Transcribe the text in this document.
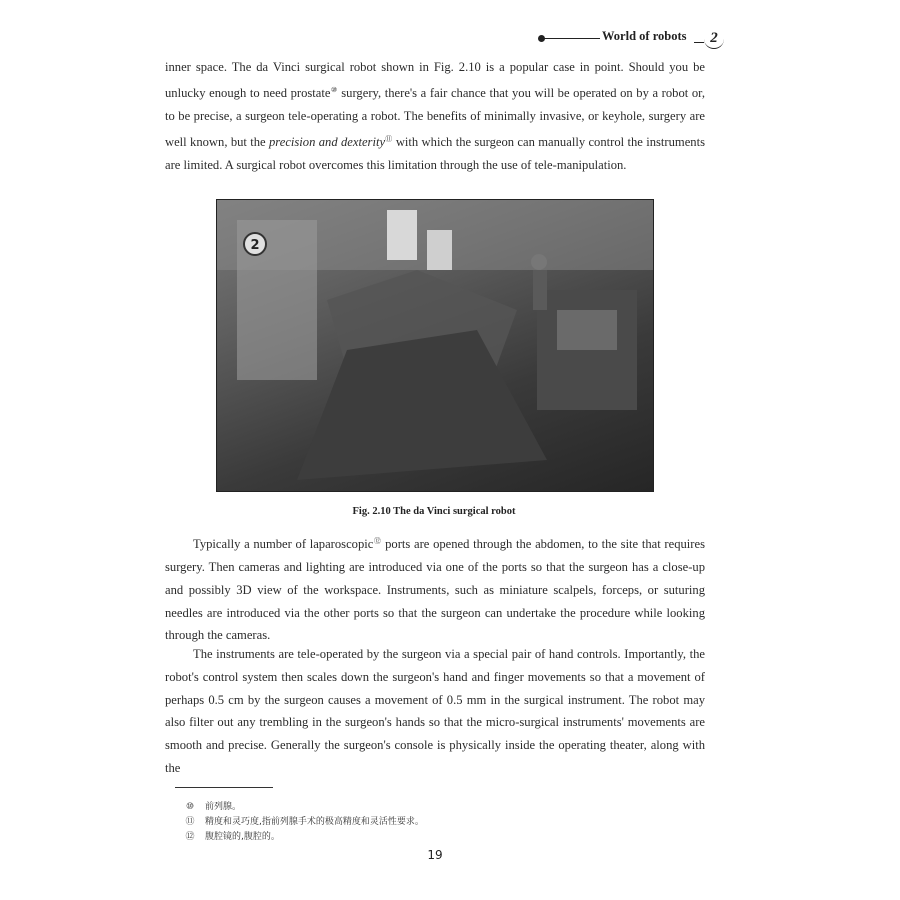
World of robots	2

inner space. The da Vinci surgical robot shown in Fig. 2.10 is a popular case in point. Should you be unlucky enough to need prostate⑩ surgery, there's a fair chance that you will be operated on by a robot or, to be precise, a surgeon tele-operating a robot. The benefits of minimally invasive, or keyhole, surgery are well known, but the precision and dexterity⑪ with which the surgeon can manually control the instruments are limited. A surgical robot overcomes this limitation through the use of tele-manipulation.

2
Fig. 2.10 The da Vinci surgical robot

Typically a number of laparoscopic⑫ ports are opened through the abdomen, to the site that requires surgery. Then cameras and lighting are introduced via one of the ports so that the surgeon has a close-up and possibly 3D view of the workspace. Instruments, such as miniature scalpels, forceps, or suturing needles are introduced via the other ports so that the surgeon can undertake the procedure while looking through the cameras.

The instruments are tele-operated by the surgeon via a special pair of hand controls. Importantly, the robot's control system then scales down the surgeon's hand and finger movements so that a movement of perhaps 0.5 cm by the surgeon causes a movement of 0.5 mm in the surgical instrument. The robot may also filter out any trembling in the surgeon's hands so that the micro-surgical instruments' movements are smooth and precise. Generally the surgeon's console is physically inside the operating theater, along with the

⑩ 前列腺。
⑪ 精度和灵巧度,指前列腺手术的极高精度和灵活性要求。
⑫ 腹腔镜的,腹腔的。
19
